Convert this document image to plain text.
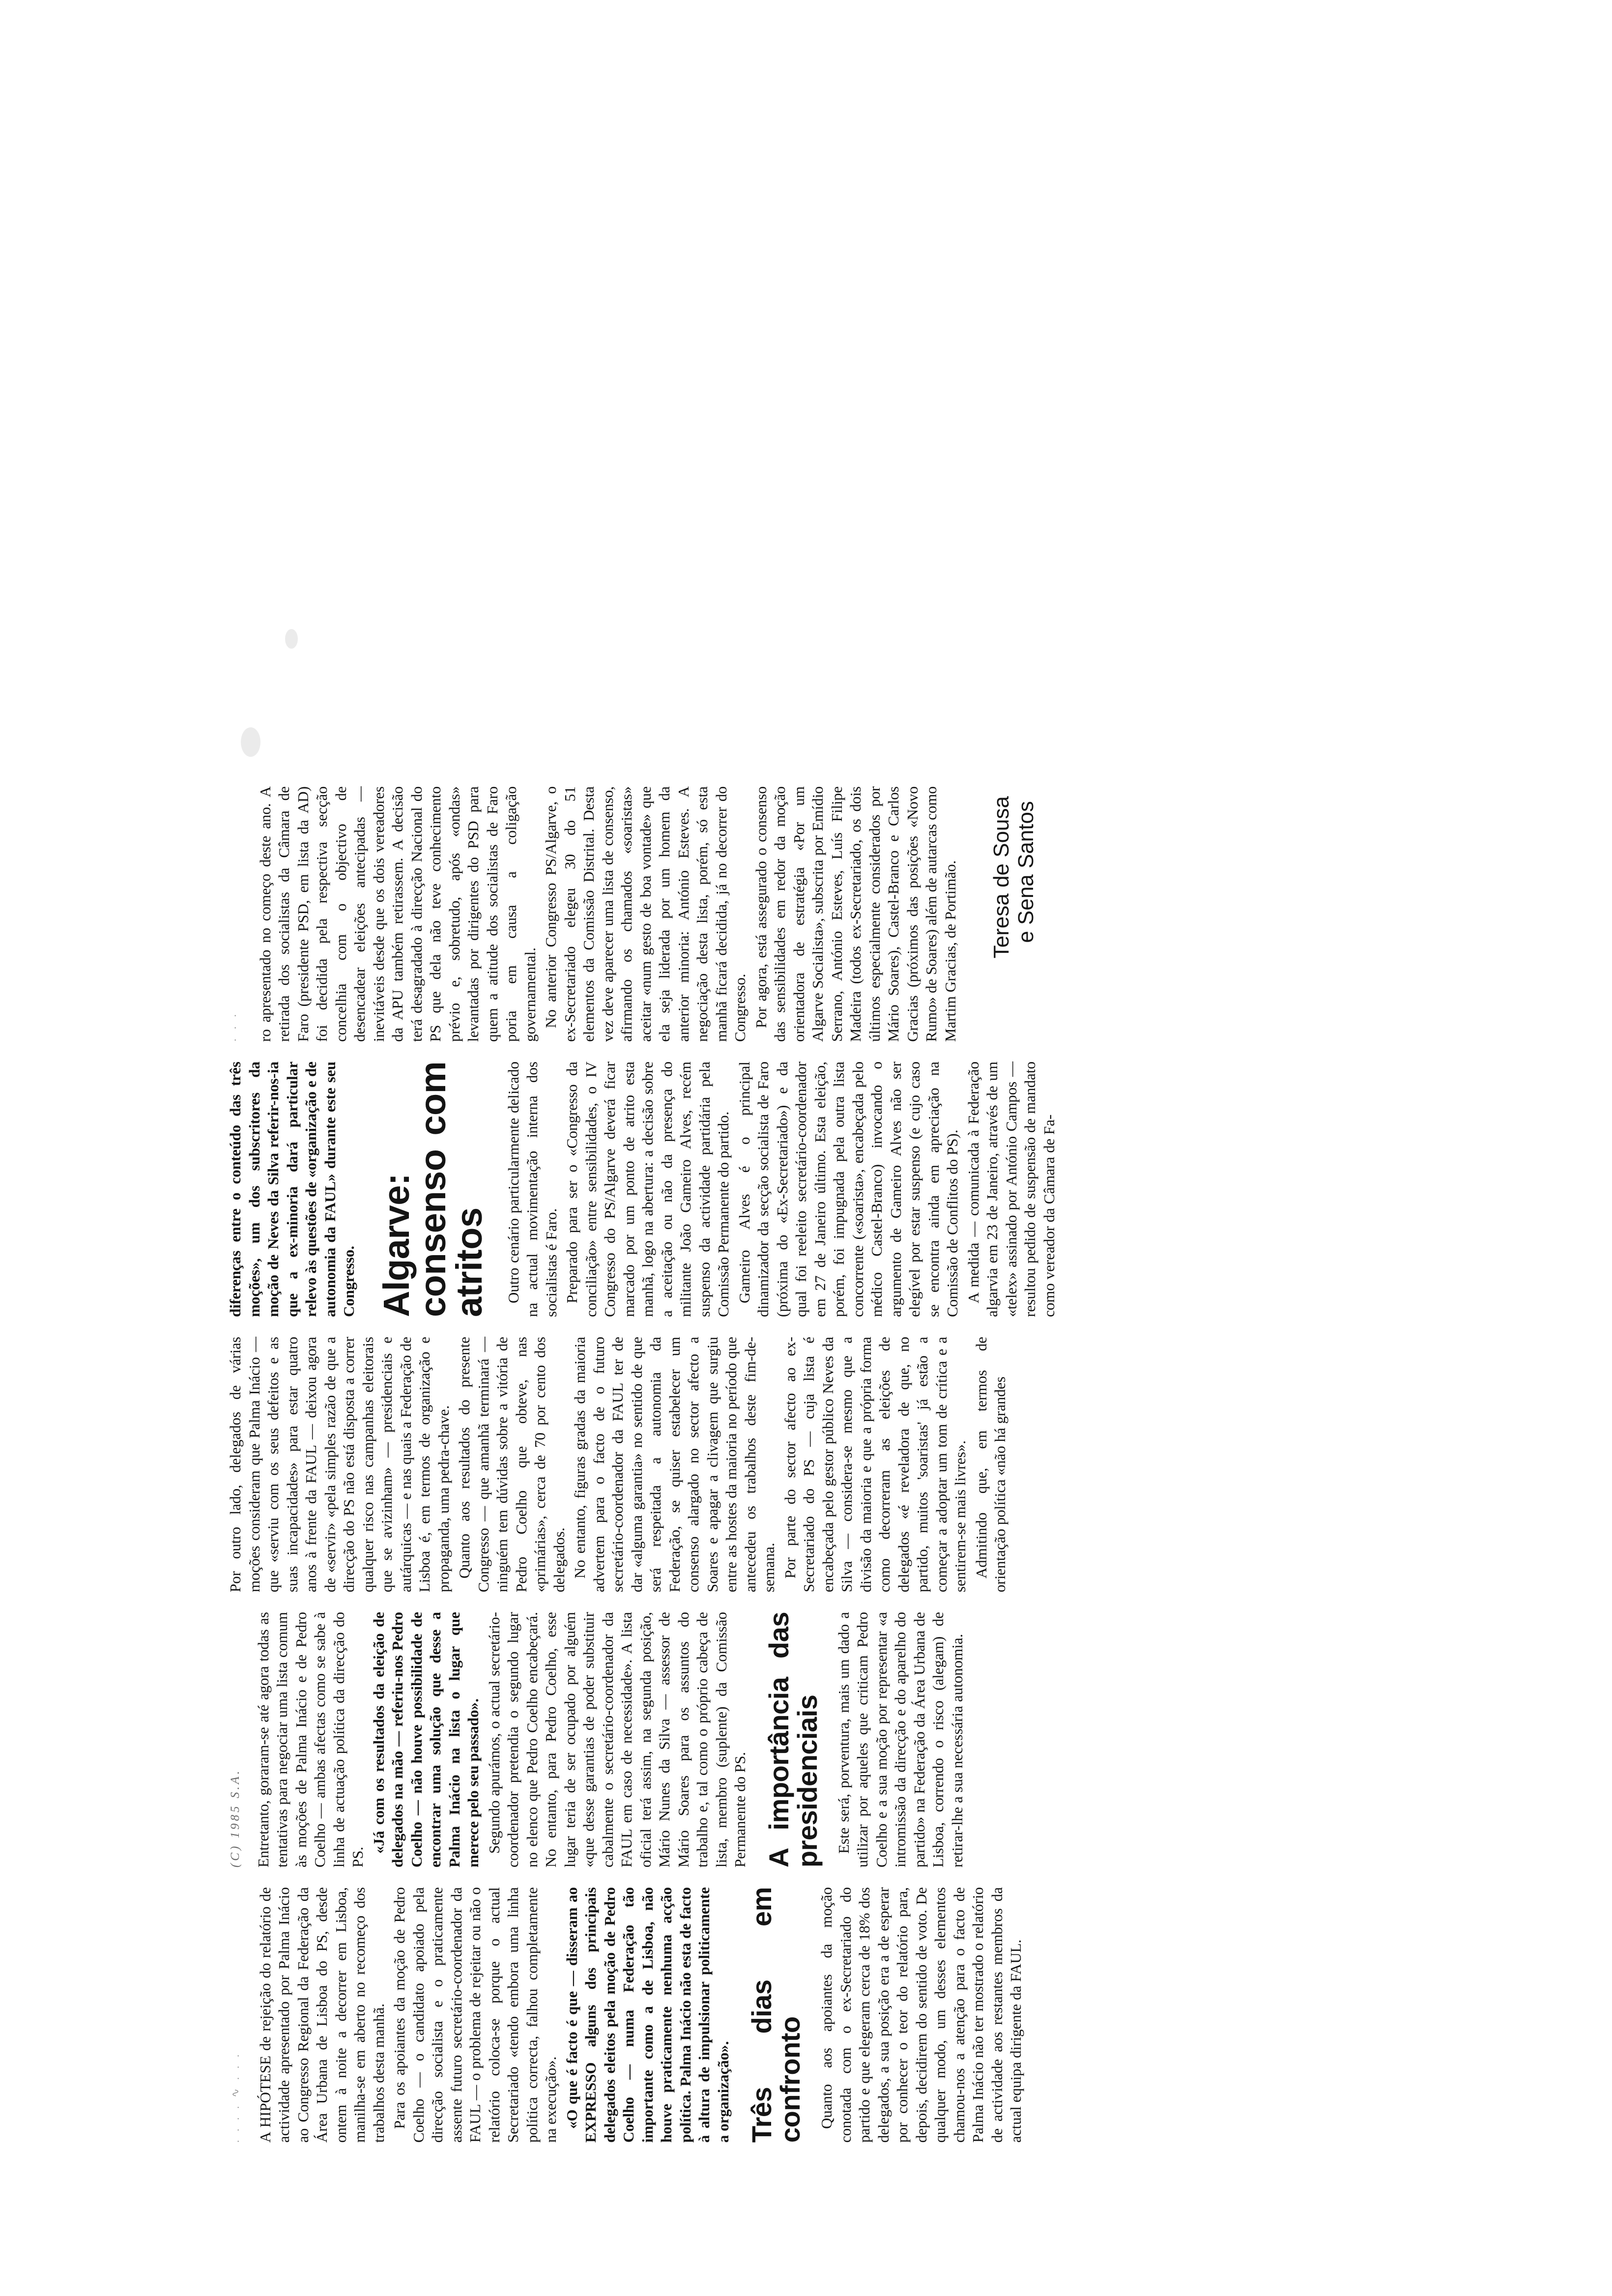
. . . . ∿ . . . A HIPÓTESE de rejeição do relatório de actividade apresentado por Palma Inácio ao Congresso Regional da Federação da Área Urbana de Lisboa do PS, desde ontem à noite a decorrer em Lisboa, manilha-se em aberto no recomeço dos trabalhos desta manhã. Para os apoiantes da moção de Pedro Coelho — o candidato apoiado pela direcção socialista e o praticamente assente futuro secretário-coordenador da FAUL — o problema de rejeitar ou não o relatório coloca-se porque o actual Secretariado «tendo embora uma linha política correcta, falhou completamente na execução». «O que é facto é que — disseram ao EXPRESSO alguns dos principais delegados eleitos pela moção de Pedro Coelho — numa Federação tão importante como a de Lisboa, não houve praticamente nenhuma acção política. Palma Inácio não esta de facto à altura de impulsionar politicamente a organização». Três dias em confronto Quanto aos apoiantes da moção conotada com o ex-Secretariado do partido e que elegeram cerca de 18% dos delegados, a sua posição era a de esperar por conhecer o teor do relatório para, depois, decidirem do sentido de voto. De qualquer modo, um desses elementos chamou-nos a atenção para o facto de Palma Inácio não ter mostrado o relatório de actividade aos restantes membros da actual equipa dirigente da FAUL.

(C) 1985 S.A. Entretanto, goraram-se até agora todas as tentativas para negociar uma lista comum às moções de Palma Inácio e de Pedro Coelho — ambas afectas como se sabe à linha de actuação política da direcção do PS.

«Já com os resultados da eleição de delegados na mão — referiu-nos Pedro Coelho — não houve possibilidade de encontrar uma solução que desse a Palma Inácio na lista o lugar que merece pelo seu passado». Segundo apurámos, o actual secretário-coordenador pretendia o segundo lugar no elenco que Pedro Coelho encabeçará. No entanto, para Pedro Coelho, esse lugar teria de ser ocupado por alguém «que desse garantias de poder substituir cabalmente o secretário-coordenador da FAUL em caso de necessidade». A lista oficial terá assim, na segunda posição, Mário Nunes da Silva — assessor de Mário Soares para os assuntos do trabalho e, tal como o próprio cabeça de lista, membro (suplente) da Comissão Permanente do PS. A importância das presidenciais Este será, porventura, mais um dado a utilizar por aqueles que criticam Pedro Coelho e a sua moção por representar «a intromissão da direcção e do aparelho do partido» na Federação da Área Urbana de Lisboa, correndo o risco (alegam) de retirar-lhe a sua necessária autonomia.

Por outro lado, delegados de várias moções consideram que Palma Inácio — que «serviu com os seus defeitos e as suas incapacidades» para estar quatro anos à frente da FAUL — deixou agora de «servir» «pela simples razão de que a direcção do PS não está disposta a correr qualquer risco nas campanhas eleitorais que se avizinham» — presidenciais e autárquicas — e nas quais a Federação de Lisboa é, em termos de organização e propaganda, uma pedra-chave. Quanto aos resultados do presente Congresso — que amanhã terminará — ninguém tem dúvidas sobre a vitória de Pedro Coelho que obteve, nas «primárias», cerca de 70 por cento dos delegados. No entanto, figuras gradas da maioria advertem para o facto de o futuro secretário-coordenador da FAUL ter de dar «alguma garantia» no sentido de que será respeitada a autonomia da Federação, se quiser estabelecer um consenso alargado no sector afecto a Soares e apagar a clivagem que surgiu entre as hostes da maioria no período que antecedeu os trabalhos deste fim-de-semana. Por parte do sector afecto ao ex-Secretariado do PS — cuja lista é encabeçada pelo gestor público Neves da Silva — considera-se mesmo que a divisão da maioria e que a própria forma como decorreram as eleições de delegados «é reveladora de que, no partido, muitos 'soaristas' já estão a começar a adoptar um tom de crítica e a sentirem-se mais livres». Admitindo que, em termos de orientação política «não há grandes

diferenças entre o conteúdo das três moções», um dos subscritores da moção de Neves da Silva referir-nos-ia que a ex-minoria dará particular relevo às questões de «organização e de autonomia da FAUL» durante este seu Congresso. Algarve:
consenso com atritos Outro cenário particularmente delicado na actual movimentação interna dos socialistas é Faro. Preparado para ser o «Congresso da conciliação» entre sensibilidades, o IV Congresso do PS/Algarve deverá ficar marcado por um ponto de atrito esta manhã, logo na abertura: a decisão sobre a aceitação ou não da presença do militante João Gameiro Alves, recém suspenso da actividade partidária pela Comissão Permanente do partido. Gameiro Alves é o principal dinamizador da secção socialista de Faro (próxima do «Ex-Secretariado») e da qual foi reeleito secretário-coordenador em 27 de Janeiro último. Esta eleição, porém, foi impugnada pela outra lista concorrente («soarista», encabeçada pelo médico Castel-Branco) invocando o argumento de Gameiro Alves não ser elegível por estar suspenso (e cujo caso se encontra ainda em apreciação na Comissão de Conflitos do PS). A medida — comunicada à Federação algarvia em 23 de Janeiro, através de um «telex» assinado por António Campos — resultou pedido de suspensão de mandato como vereador da Câmara de Fa-

· · · ro apresentado no começo deste ano. A retirada dos socialistas da Câmara de Faro (presidente PSD, em lista da AD) foi decidida pela respectiva secção concelhia com o objectivo de desencadear eleições antecipadas — inevitáveis desde que os dois vereadores da APU também retirassem. A decisão terá desagradado à direcção Nacional do PS que dela não teve conhecimento prévio e, sobretudo, após «ondas» levantadas por dirigentes do PSD para quem a atitude dos socialistas de Faro poria em causa a coligação governamental. No anterior Congresso PS/Algarve, o ex-Secretariado elegeu 30 do 51 elementos da Comissão Distrital. Desta vez deve aparecer uma lista de consenso, afirmando os chamados «soaristas» aceitar «num gesto de boa vontade» que ela seja liderada por um homem da anterior minoria: António Esteves. A negociação desta lista, porém, só esta manhã ficará decidida, já no decorrer do Congresso. Por agora, está assegurado o consenso das sensibilidades em redor da moção orientadora de estratégia «Por um Algarve Socialista», subscrita por Emídio Serrano, António Esteves, Luís Filipe Madeira (todos ex-Secretariado, os dois últimos especialmente considerados por Mário Soares), Castel-Branco e Carlos Gracias (próximos das posições «Novo Rumo» de Soares) além de autarcas como Martim Gracias, de Portimão. Teresa de Sousa e Sena Santos
